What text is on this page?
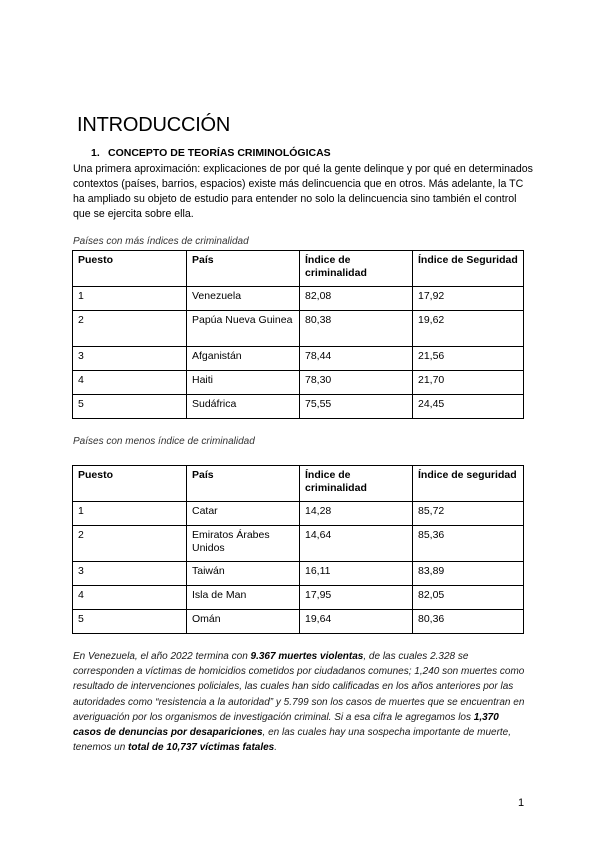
INTRODUCCIÓN
1. CONCEPTO DE TEORÍAS CRIMINOLÓGICAS

Una primera aproximación: explicaciones de por qué la gente delinque y por qué en determinados contextos (países, barrios, espacios) existe más delincuencia que en otros. Más adelante, la TC ha ampliado su objeto de estudio para entender no solo la delincuencia sino también el control que se ejercita sobre ella.

Países con más índices de criminalidad

Puesto	País	Índice de criminalidad	Índice de Seguridad
1	Venezuela	82,08	17,92
2	Papúa Nueva Guinea	80,38	19,62
3	Afganistán	78,44	21,56
4	Haiti	78,30	21,70
5	Sudáfrica	75,55	24,45

Países con menos índice de criminalidad

Puesto	País	Índice de criminalidad	Índice de seguridad
1	Catar	14,28	85,72
2	Emiratos Árabes Unidos	14,64	85,36
3	Taiwán	16,11	83,89
4	Isla de Man	17,95	82,05
5	Omán	19,64	80,36

En Venezuela, el año 2022 termina con 9.367 muertes violentas, de las cuales 2.328 se corresponden a víctimas de homicidios cometidos por ciudadanos comunes; 1,240 son muertes como resultado de intervenciones policiales, las cuales han sido calificadas en los años anteriores por las autoridades como “resistencia a la autoridad” y 5.799 son los casos de muertes que se encuentran en averiguación por los organismos de investigación criminal. Si a esa cifra le agregamos los 1,370 casos de denuncias por desapariciones, en las cuales hay una sospecha importante de muerte, tenemos un total de 10,737 víctimas fatales.

1
